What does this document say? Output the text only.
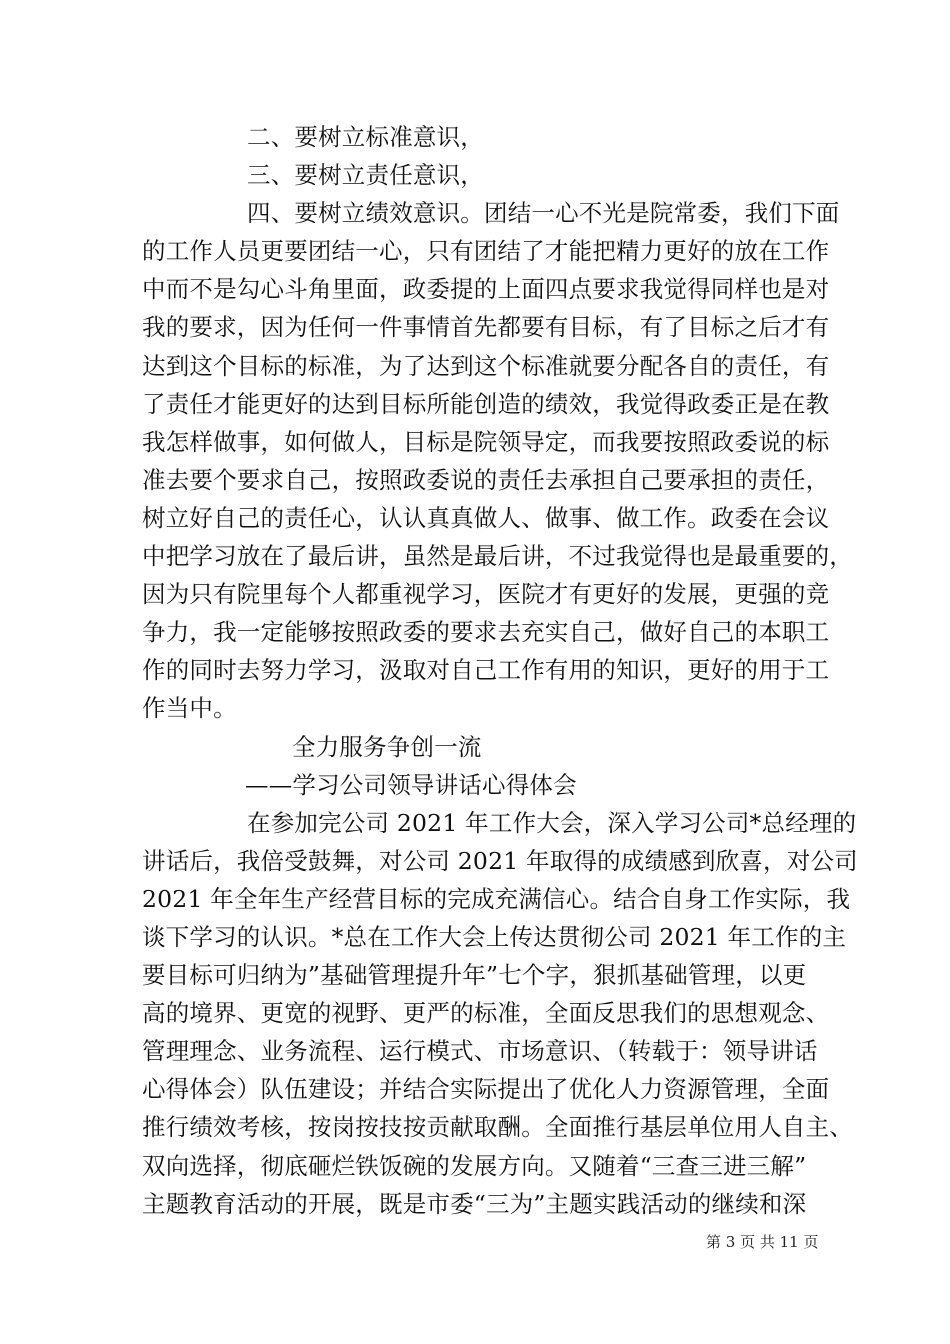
二、要树立标准意识，
三、要树立责任意识，
四、要树立绩效意识。团结一心不光是院常委，我们下面
的工作人员更要团结一心，只有团结了才能把精力更好的放在工作
中而不是勾心斗角里面，政委提的上面四点要求我觉得同样也是对
我的要求，因为任何一件事情首先都要有目标，有了目标之后才有
达到这个目标的标准，为了达到这个标准就要分配各自的责任，有
了责任才能更好的达到目标所能创造的绩效，我觉得政委正是在教
我怎样做事，如何做人，目标是院领导定，而我要按照政委说的标
准去要个要求自己，按照政委说的责任去承担自己要承担的责任，
树立好自己的责任心，认认真真做人、做事、做工作。政委在会议
中把学习放在了最后讲，虽然是最后讲，不过我觉得也是最重要的，
因为只有院里每个人都重视学习，医院才有更好的发展，更强的竞
争力，我一定能够按照政委的要求去充实自己，做好自己的本职工
作的同时去努力学习，汲取对自己工作有用的知识，更好的用于工
作当中。
全力服务争创一流
——学习公司领导讲话心得体会
在参加完公司 2021 年工作大会，深入学习公司*总经理的
讲话后，我倍受鼓舞，对公司 2021 年取得的成绩感到欣喜，对公司
2021 年全年生产经营目标的完成充满信心。结合自身工作实际，我
谈下学习的认识。*总在工作大会上传达贯彻公司 2021 年工作的主
要目标可归纳为”基础管理提升年”七个字，狠抓基础管理，以更
高的境界、更宽的视野、更严的标准，全面反思我们的思想观念、
管理理念、业务流程、运行模式、市场意识、（转载于：领导讲话
心得体会）队伍建设；并结合实际提出了优化人力资源管理，全面
推行绩效考核，按岗按技按贡献取酬。全面推行基层单位用人自主、
双向选择，彻底砸烂铁饭碗的发展方向。又随着“三查三进三解”
主题教育活动的开展，既是市委“三为”主题实践活动的继续和深
第 3 页 共 11 页
